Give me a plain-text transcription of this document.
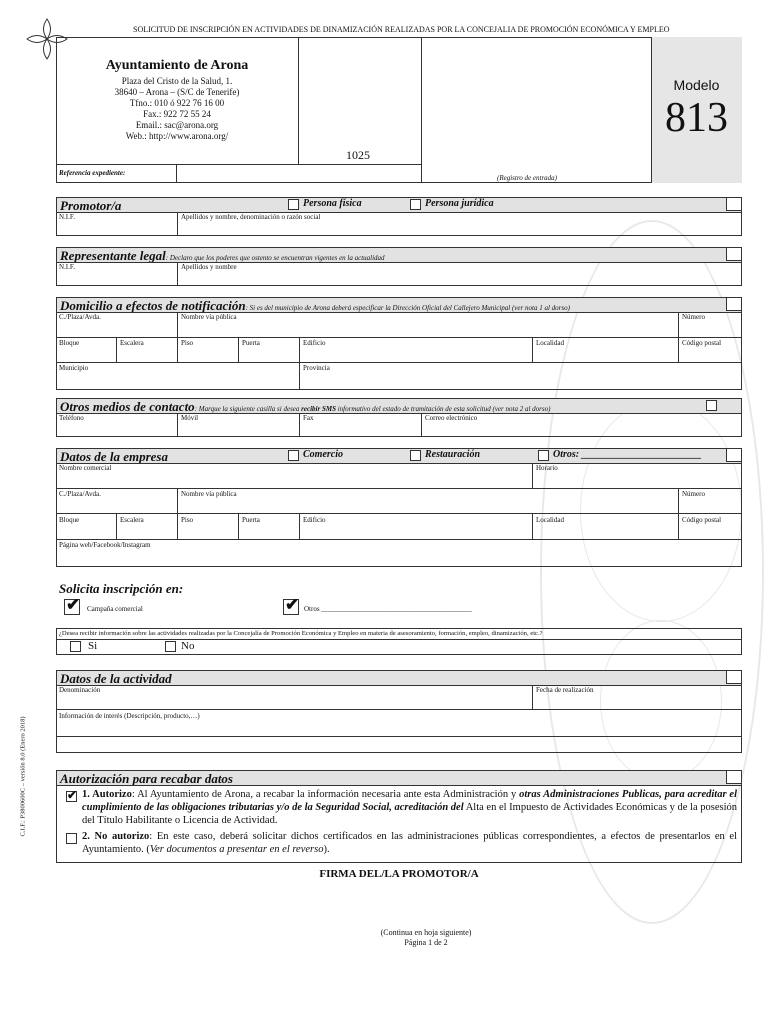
SOLICITUD DE INSCRIPCIÓN EN ACTIVIDADES DE DINAMIZACIÓN REALIZADAS POR LA CONCEJALIA DE PROMOCIÓN ECONÓMICA Y EMPLEO
Ayuntamiento de Arona
Plaza del Cristo de la Salud, 1.
38640 – Arona – (S/C de Tenerife)
Tfno.: 010 ó 922 76 16 00
Fax.: 922 72 55 24
Email.: sac@arona.org
Web.: http://www.arona.org/
1025
Modelo
813
Referencia expediente:
(Registro de entrada)
C.I.F.: P3800600C – versión 8.0 (Enero 2018)
Promotor/a	Persona física	Persona jurídica
N.I.F.	Apellidos y nombre, denominación o razón social
Representante legal: Declaro que los poderes que ostento se encuentran vigentes en la actualidad
N.I.F.	Apellidos y nombre
Domicilio a efectos de notificación: Si es del municipio de Arona deberá especificar la Dirección Oficial del Callejero Municipal (ver nota 1 al dorso)
C./Plaza/Avda.	Nombre vía pública	Número
Bloque	Escalera	Piso	Puerta	Edificio	Localidad	Código postal
Municipio	Provincia
Otros medios de contacto: Marque la siguiente casilla si desea recibir SMS informativo del estado de tramitación de esta solicitud (ver nota 2 al dorso)
Teléfono	Móvil	Fax	Correo electrónico
Datos de la empresa	Comercio	Restauración	Otros: ________________________
Nombre comercial	Horario
C./Plaza/Avda.	Nombre vía pública	Número
Bloque	Escalera	Piso	Puerta	Edificio	Localidad	Código postal
Página web/Facebook/Instagram
Solicita inscripción en:
✔ Campaña comercial	✔ Otros ___________________________________________
¿Desea recibir información sobre las actividades realizadas por la Concejalía de Promoción Económica y Empleo en materia de asesoramiento, formación, empleo, dinamización, etc.?
Si	No
Datos de la actividad
Denominación	Fecha de realización
Información de interés (Descripción, producto,…)
Autorización para recabar datos
✔ 1. Autorizo: Al Ayuntamiento de Arona, a recabar la información necesaria ante esta Administración y otras Administraciones Publicas, para acreditar el cumplimiento de las obligaciones tributarias y/o de la Seguridad Social, acreditación del Alta en el Impuesto de Actividades Económicas y de la posesión del Título Habilitante o Licencia de Actividad.
2. No autorizo: En este caso, deberá solicitar dichos certificados en las administraciones públicas correspondientes, a efectos de presentarlos en el Ayuntamiento. (Ver documentos a presentar en el reverso).
FIRMA DEL/LA PROMOTOR/A
(Continua en hoja siguiente)
Página 1 de 2
